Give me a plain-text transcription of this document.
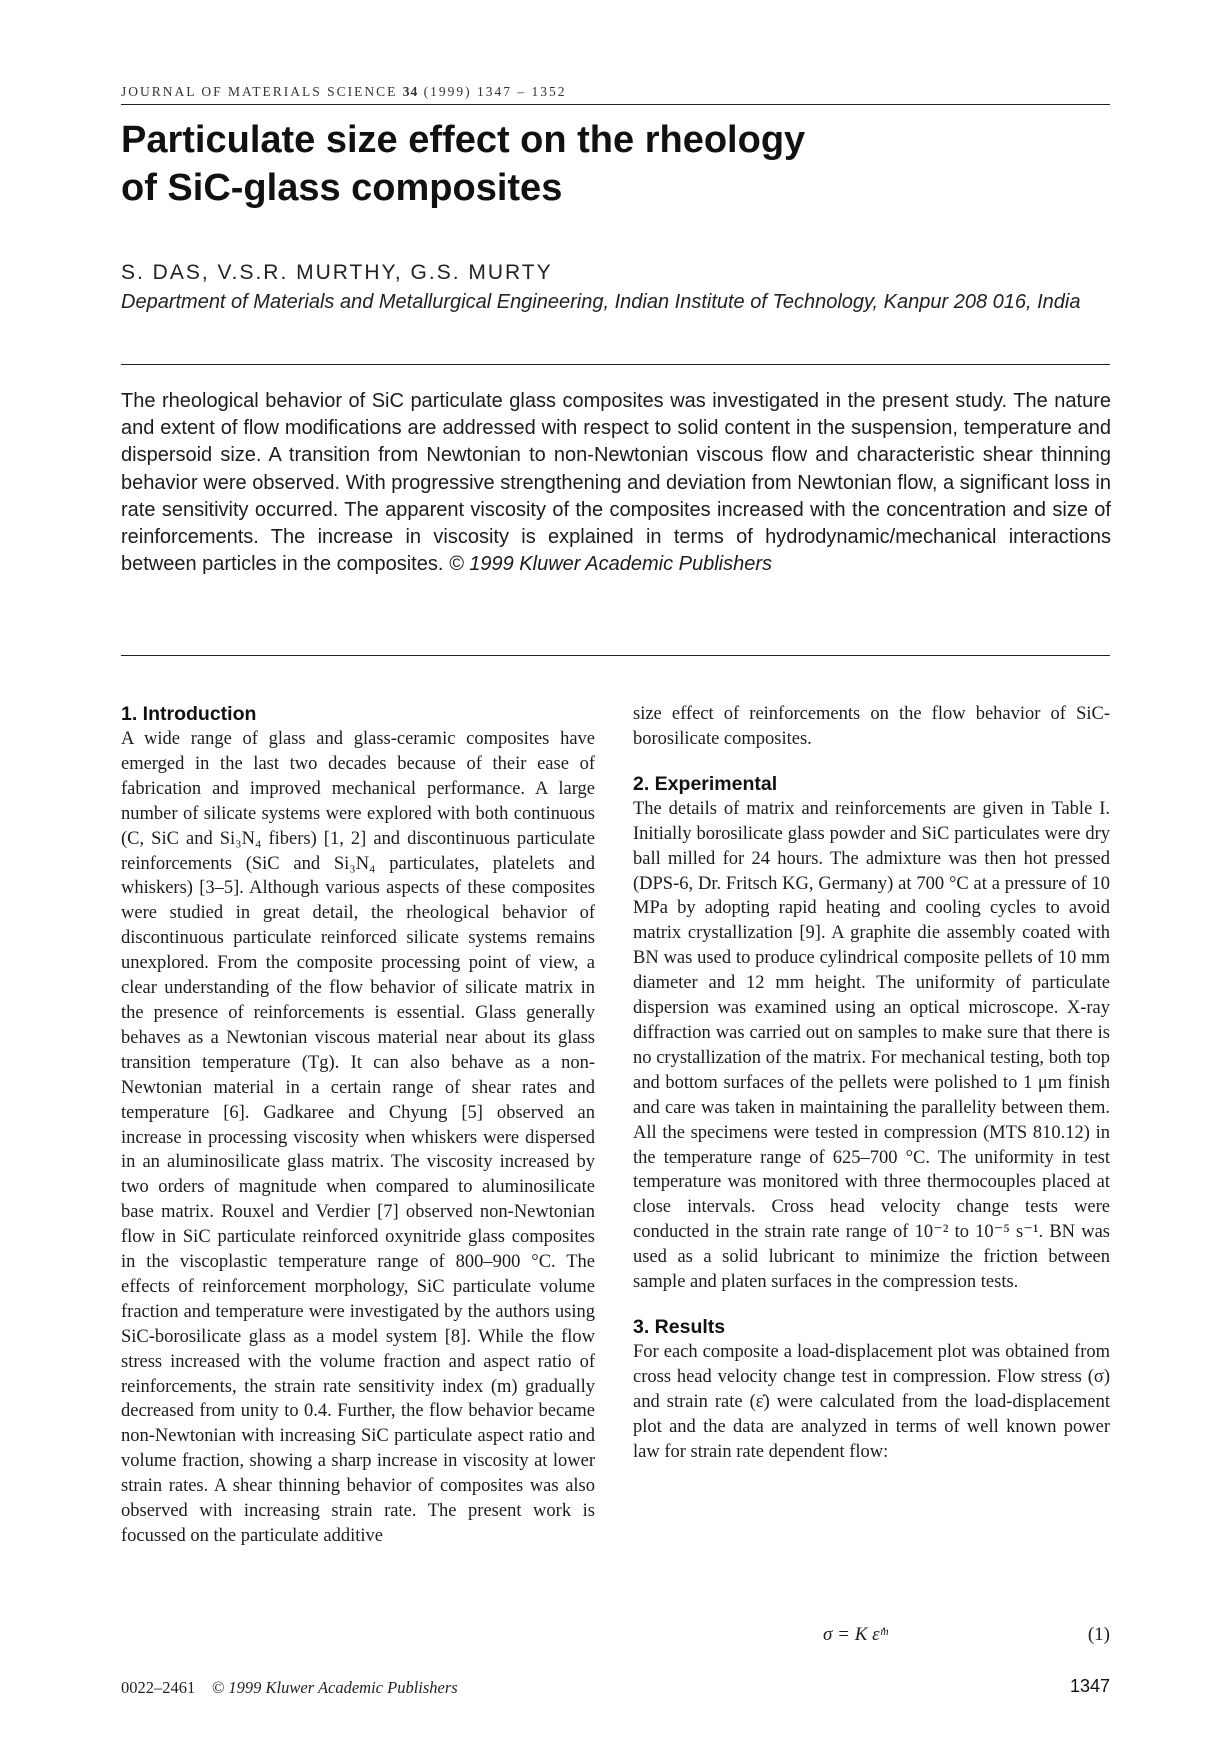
JOURNAL OF MATERIALS SCIENCE 34 (1999) 1347 – 1352
Particulate size effect on the rheology
of SiC-glass composites
S. DAS, V.S.R. MURTHY, G.S. MURTY
Department of Materials and Metallurgical Engineering, Indian Institute of Technology, Kanpur 208 016, India

The rheological behavior of SiC particulate glass composites was investigated in the present study. The nature and extent of flow modifications are addressed with respect to solid content in the suspension, temperature and dispersoid size. A transition from Newtonian to non-Newtonian viscous flow and characteristic shear thinning behavior were observed. With progressive strengthening and deviation from Newtonian flow, a significant loss in rate sensitivity occurred. The apparent viscosity of the composites increased with the concentration and size of reinforcements. The increase in viscosity is explained in terms of hydrodynamic/mechanical interactions between particles in the composites. © 1999 Kluwer Academic Publishers

1. Introduction

A wide range of glass and glass-ceramic composites have emerged in the last two decades because of their ease of fabrication and improved mechanical performance. A large number of silicate systems were explored with both continuous (C, SiC and Si₃N₄ fibers) [1, 2] and discontinuous particulate reinforcements (SiC and Si₃N₄ particulates, platelets and whiskers) [3–5]. Although various aspects of these composites were studied in great detail, the rheological behavior of discontinuous particulate reinforced silicate systems remains unexplored. From the composite processing point of view, a clear understanding of the flow behavior of silicate matrix in the presence of reinforcements is essential. Glass generally behaves as a Newtonian viscous material near about its glass transition temperature (Tg). It can also behave as a non-Newtonian material in a certain range of shear rates and temperature [6]. Gadkaree and Chyung [5] observed an increase in processing viscosity when whiskers were dispersed in an aluminosilicate glass matrix. The viscosity increased by two orders of magnitude when compared to aluminosilicate base matrix. Rouxel and Verdier [7] observed non-Newtonian flow in SiC particulate reinforced oxynitride glass composites in the viscoplastic temperature range of 800–900 °C. The effects of reinforcement morphology, SiC particulate volume fraction and temperature were investigated by the authors using SiC-borosilicate glass as a model system [8]. While the flow stress increased with the volume fraction and aspect ratio of reinforcements, the strain rate sensitivity index (m) gradually decreased from unity to 0.4. Further, the flow behavior became non-Newtonian with increasing SiC particulate aspect ratio and volume fraction, showing a sharp increase in viscosity at lower strain rates. A shear thinning behavior of composites was also observed with increasing strain rate. The present work is focussed on the particulate additive

size effect of reinforcements on the flow behavior of SiC-borosilicate composites.

2. Experimental

The details of matrix and reinforcements are given in Table I. Initially borosilicate glass powder and SiC particulates were dry ball milled for 24 hours. The admixture was then hot pressed (DPS-6, Dr. Fritsch KG, Germany) at 700 °C at a pressure of 10 MPa by adopting rapid heating and cooling cycles to avoid matrix crystallization [9]. A graphite die assembly coated with BN was used to produce cylindrical composite pellets of 10 mm diameter and 12 mm height. The uniformity of particulate dispersion was examined using an optical microscope. X-ray diffraction was carried out on samples to make sure that there is no crystallization of the matrix. For mechanical testing, both top and bottom surfaces of the pellets were polished to 1 μm finish and care was taken in maintaining the parallelity between them. All the specimens were tested in compression (MTS 810.12) in the temperature range of 625–700 °C. The uniformity in test temperature was monitored with three thermocouples placed at close intervals. Cross head velocity change tests were conducted in the strain rate range of 10⁻² to 10⁻⁵ s⁻¹. BN was used as a solid lubricant to minimize the friction between sample and platen surfaces in the compression tests.

3. Results

For each composite a load-displacement plot was obtained from cross head velocity change test in compression. Flow stress (σ) and strain rate (ε̇) were calculated from the load-displacement plot and the data are analyzed in terms of well known power law for strain rate dependent flow:

σ = K ε̇ᵐ	(1)
0022–2461 © 1999 Kluwer Academic Publishers	1347
